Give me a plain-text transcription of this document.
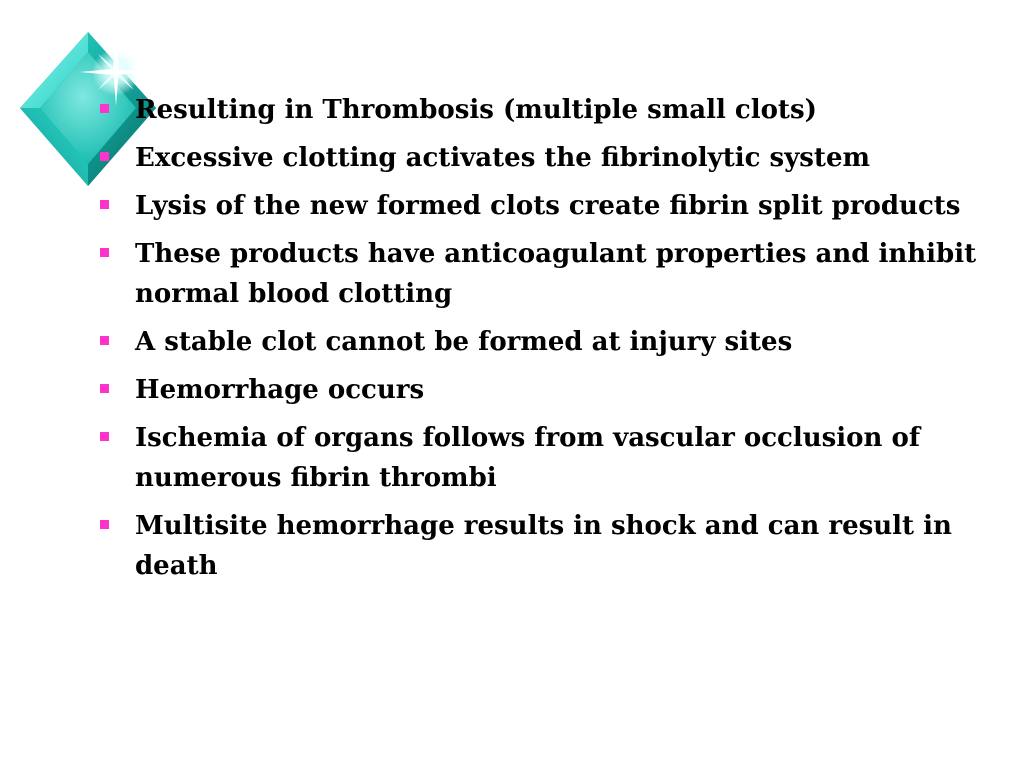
Resulting in Thrombosis (multiple small clots)
Excessive clotting activates the fibrinolytic system
Lysis of the new formed clots create fibrin split products
These products have anticoagulant properties and inhibit normal blood clotting
A stable clot cannot be formed at injury sites
Hemorrhage occurs
Ischemia of organs follows from vascular occlusion of numerous fibrin thrombi
Multisite hemorrhage results in shock and can result in death
